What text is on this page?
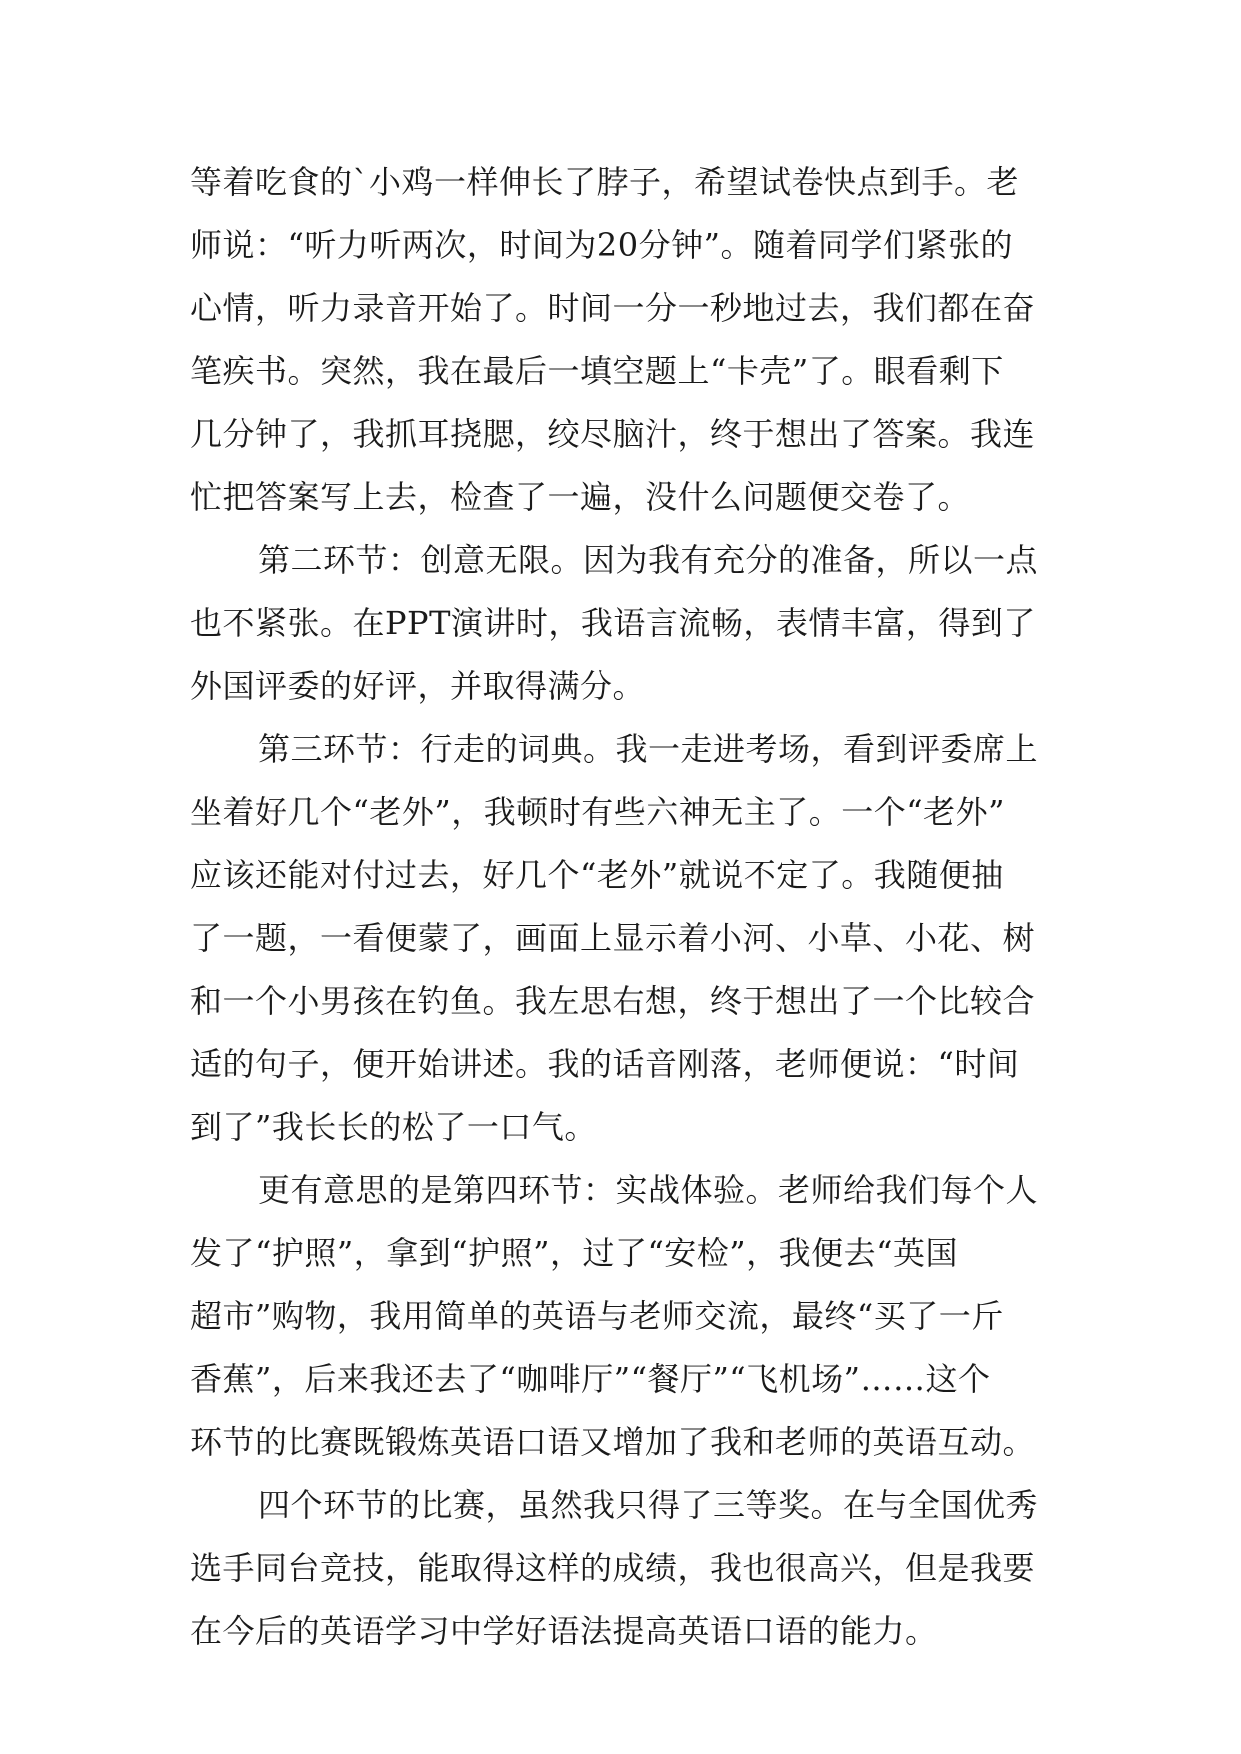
等着吃食的`小鸡一样伸长了脖子，希望试卷快点到手。老
师说：“听力听两次，时间为20分钟”。随着同学们紧张的
心情，听力录音开始了。时间一分一秒地过去，我们都在奋
笔疾书。突然，我在最后一填空题上“卡壳”了。眼看剩下
几分钟了，我抓耳挠腮，绞尽脑汁，终于想出了答案。我连
忙把答案写上去，检查了一遍，没什么问题便交卷了。
第二环节：创意无限。因为我有充分的准备，所以一点
也不紧张。在PPT演讲时，我语言流畅，表情丰富，得到了
外国评委的好评，并取得满分。
第三环节：行走的词典。我一走进考场，看到评委席上
坐着好几个“老外”，我顿时有些六神无主了。一个“老外”
应该还能对付过去，好几个“老外”就说不定了。我随便抽
了一题，一看便蒙了，画面上显示着小河、小草、小花、树
和一个小男孩在钓鱼。我左思右想，终于想出了一个比较合
适的句子，便开始讲述。我的话音刚落，老师便说：“时间
到了”我长长的松了一口气。
更有意思的是第四环节：实战体验。老师给我们每个人
发了“护照”，拿到“护照”，过了“安检”，我便去“英国
超市”购物，我用简单的英语与老师交流，最终“买了一斤
香蕉”，后来我还去了“咖啡厅”“餐厅”“飞机场”……这个
环节的比赛既锻炼英语口语又增加了我和老师的英语互动。
四个环节的比赛，虽然我只得了三等奖。在与全国优秀
选手同台竞技，能取得这样的成绩，我也很高兴，但是我要
在今后的英语学习中学好语法提高英语口语的能力。
